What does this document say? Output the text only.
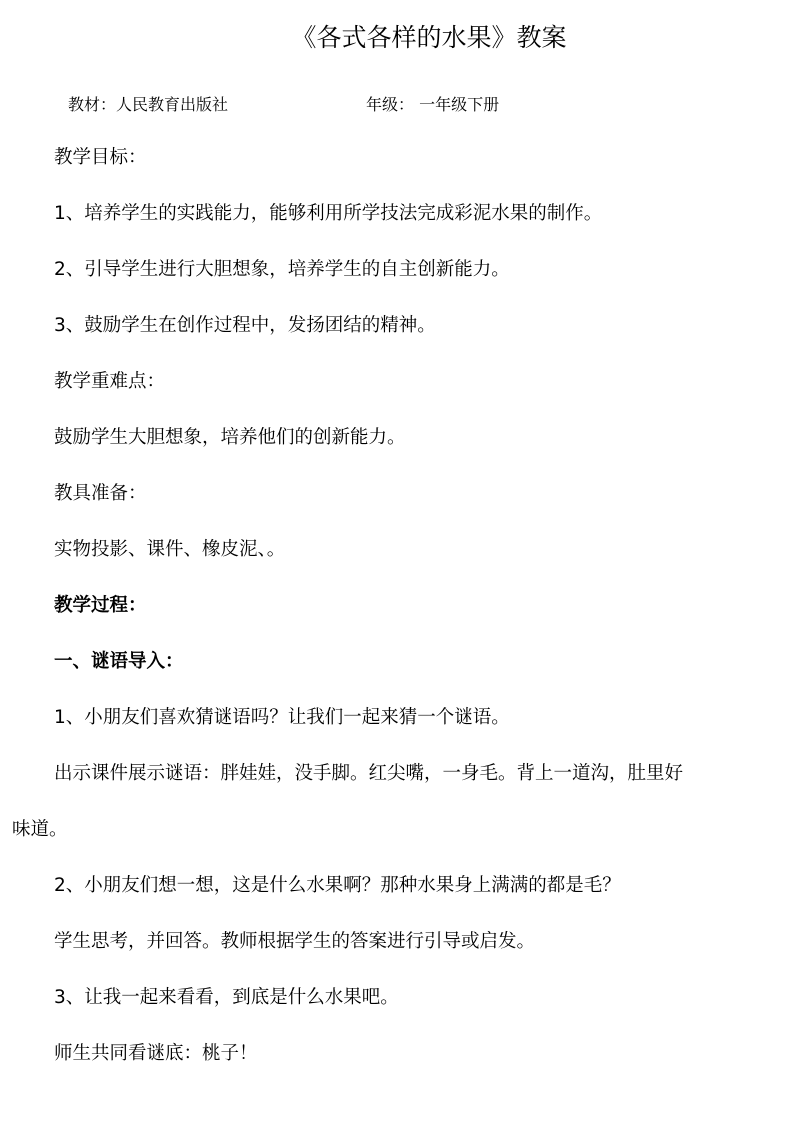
《各式各样的水果》教案
教材：人民教育出版社	年级： 一年级下册
教学目标：
1、培养学生的实践能力，能够利用所学技法完成彩泥水果的制作。
2、引导学生进行大胆想象，培养学生的自主创新能力。
3、鼓励学生在创作过程中，发扬团结的精神。
教学重难点：
鼓励学生大胆想象，培养他们的创新能力。
教具准备：
实物投影、课件、橡皮泥、。
教学过程：
一、谜语导入：
1、小朋友们喜欢猜谜语吗？让我们一起来猜一个谜语。
出示课件展示谜语：胖娃娃，没手脚。红尖嘴，一身毛。背上一道沟，肚里好
味道。
2、小朋友们想一想，这是什么水果啊？那种水果身上满满的都是毛？
学生思考，并回答。教师根据学生的答案进行引导或启发。
3、让我一起来看看，到底是什么水果吧。
师生共同看谜底：桃子！
